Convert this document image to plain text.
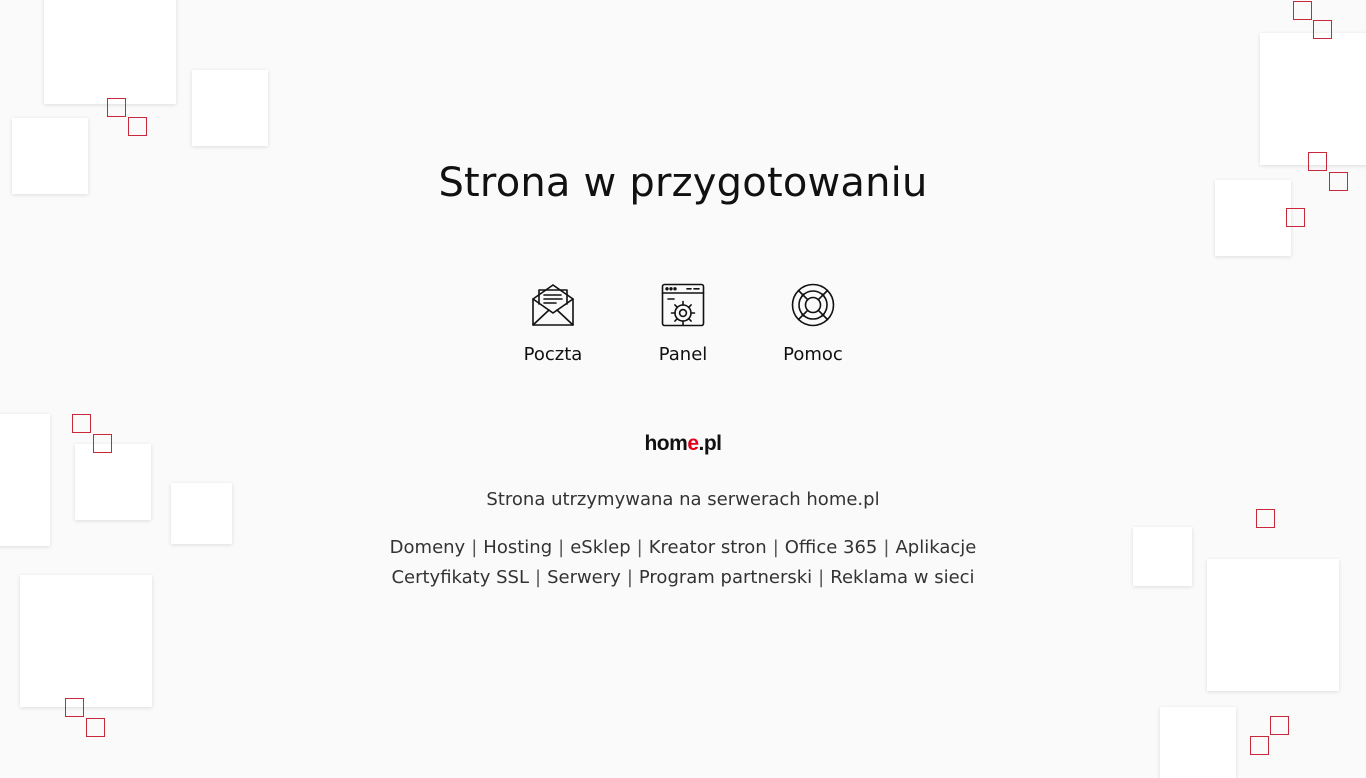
Strona w przygotowaniu
Poczta	Panel	Pomoc
home.pl
Strona utrzymywana na serwerach home.pl
Domeny | Hosting | eSklep | Kreator stron | Office 365 | Aplikacje
Certyfikaty SSL | Serwery | Program partnerski | Reklama w sieci
